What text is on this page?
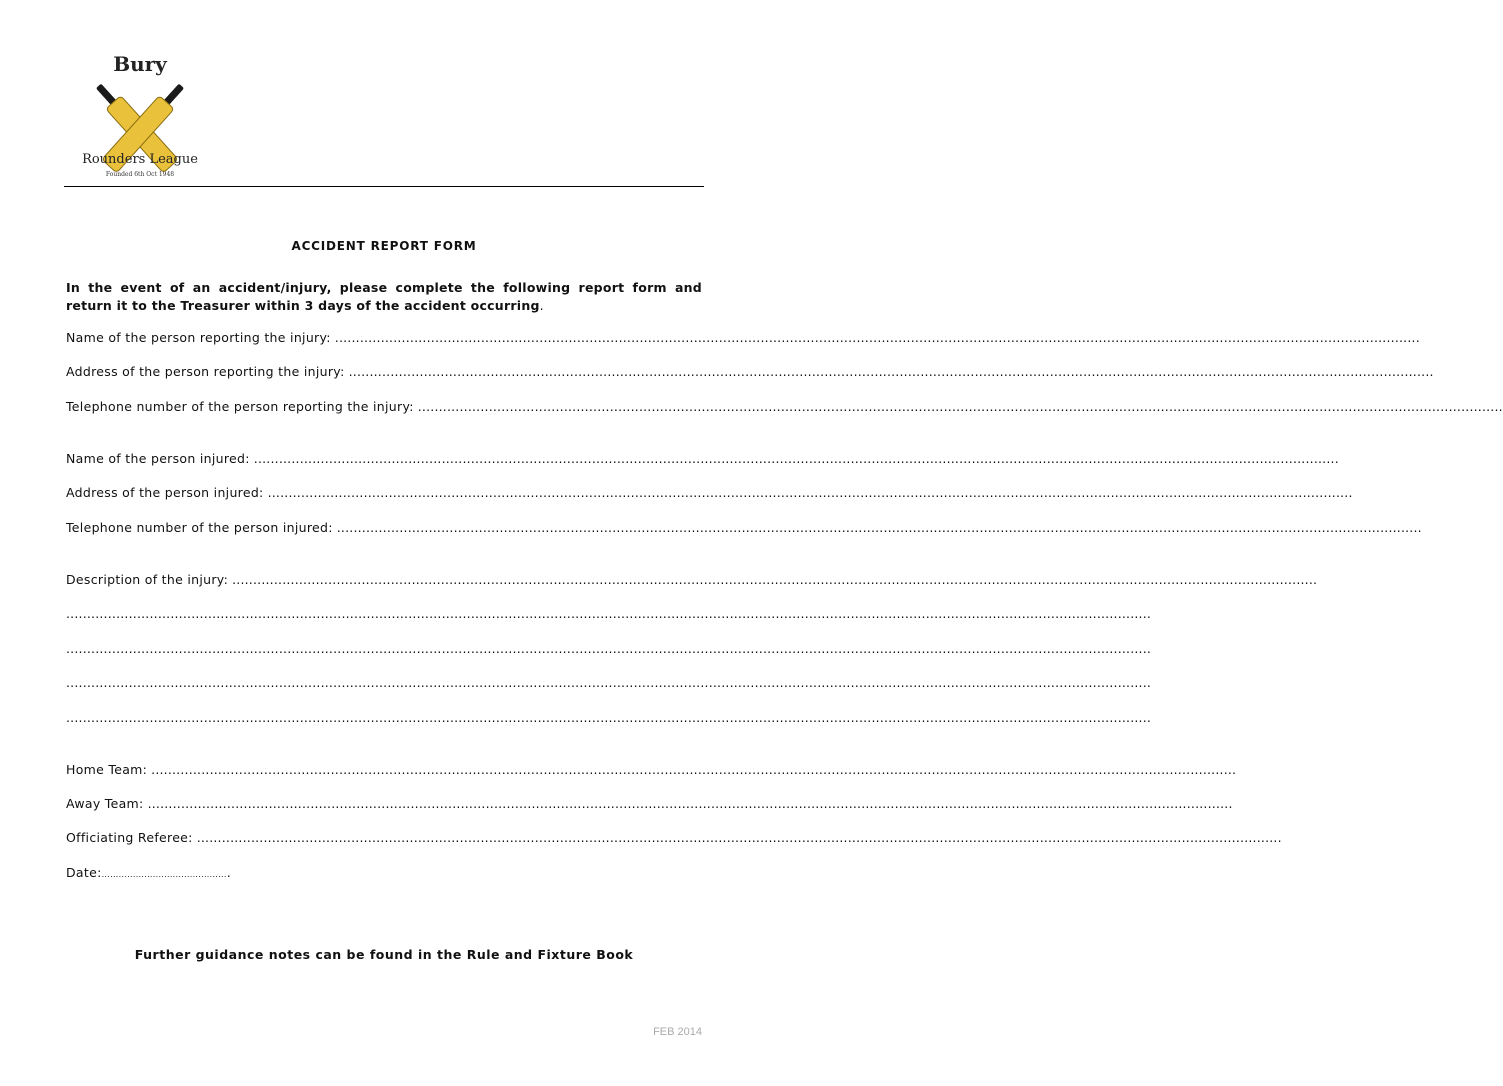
Bury
Rounders League
Founded 6th Oct 1948
ACCIDENT REPORT FORM
In the event of an accident/injury, please complete the following report form and return it to the Treasurer within 3 days of the accident occurring.
Name of the person reporting the injury: ....................................................................................................................................................................................................................................................................
Address of the person reporting the injury: ....................................................................................................................................................................................................................................................................
Telephone number of the person reporting the injury: ....................................................................................................................................................................................................................................................................
Name of the person injured: ....................................................................................................................................................................................................................................................................
Address of the person injured: ....................................................................................................................................................................................................................................................................
Telephone number of the person injured: ....................................................................................................................................................................................................................................................................
Description of the injury: ....................................................................................................................................................................................................................................................................
....................................................................................................................................................................................................................................................................
....................................................................................................................................................................................................................................................................
....................................................................................................................................................................................................................................................................
....................................................................................................................................................................................................................................................................
Home Team: ....................................................................................................................................................................................................................................................................
Away Team: ....................................................................................................................................................................................................................................................................
Officiating Referee: ....................................................................................................................................................................................................................................................................
Date:.............................................
Further guidance notes can be found in the Rule and Fixture Book
FEB 2014
